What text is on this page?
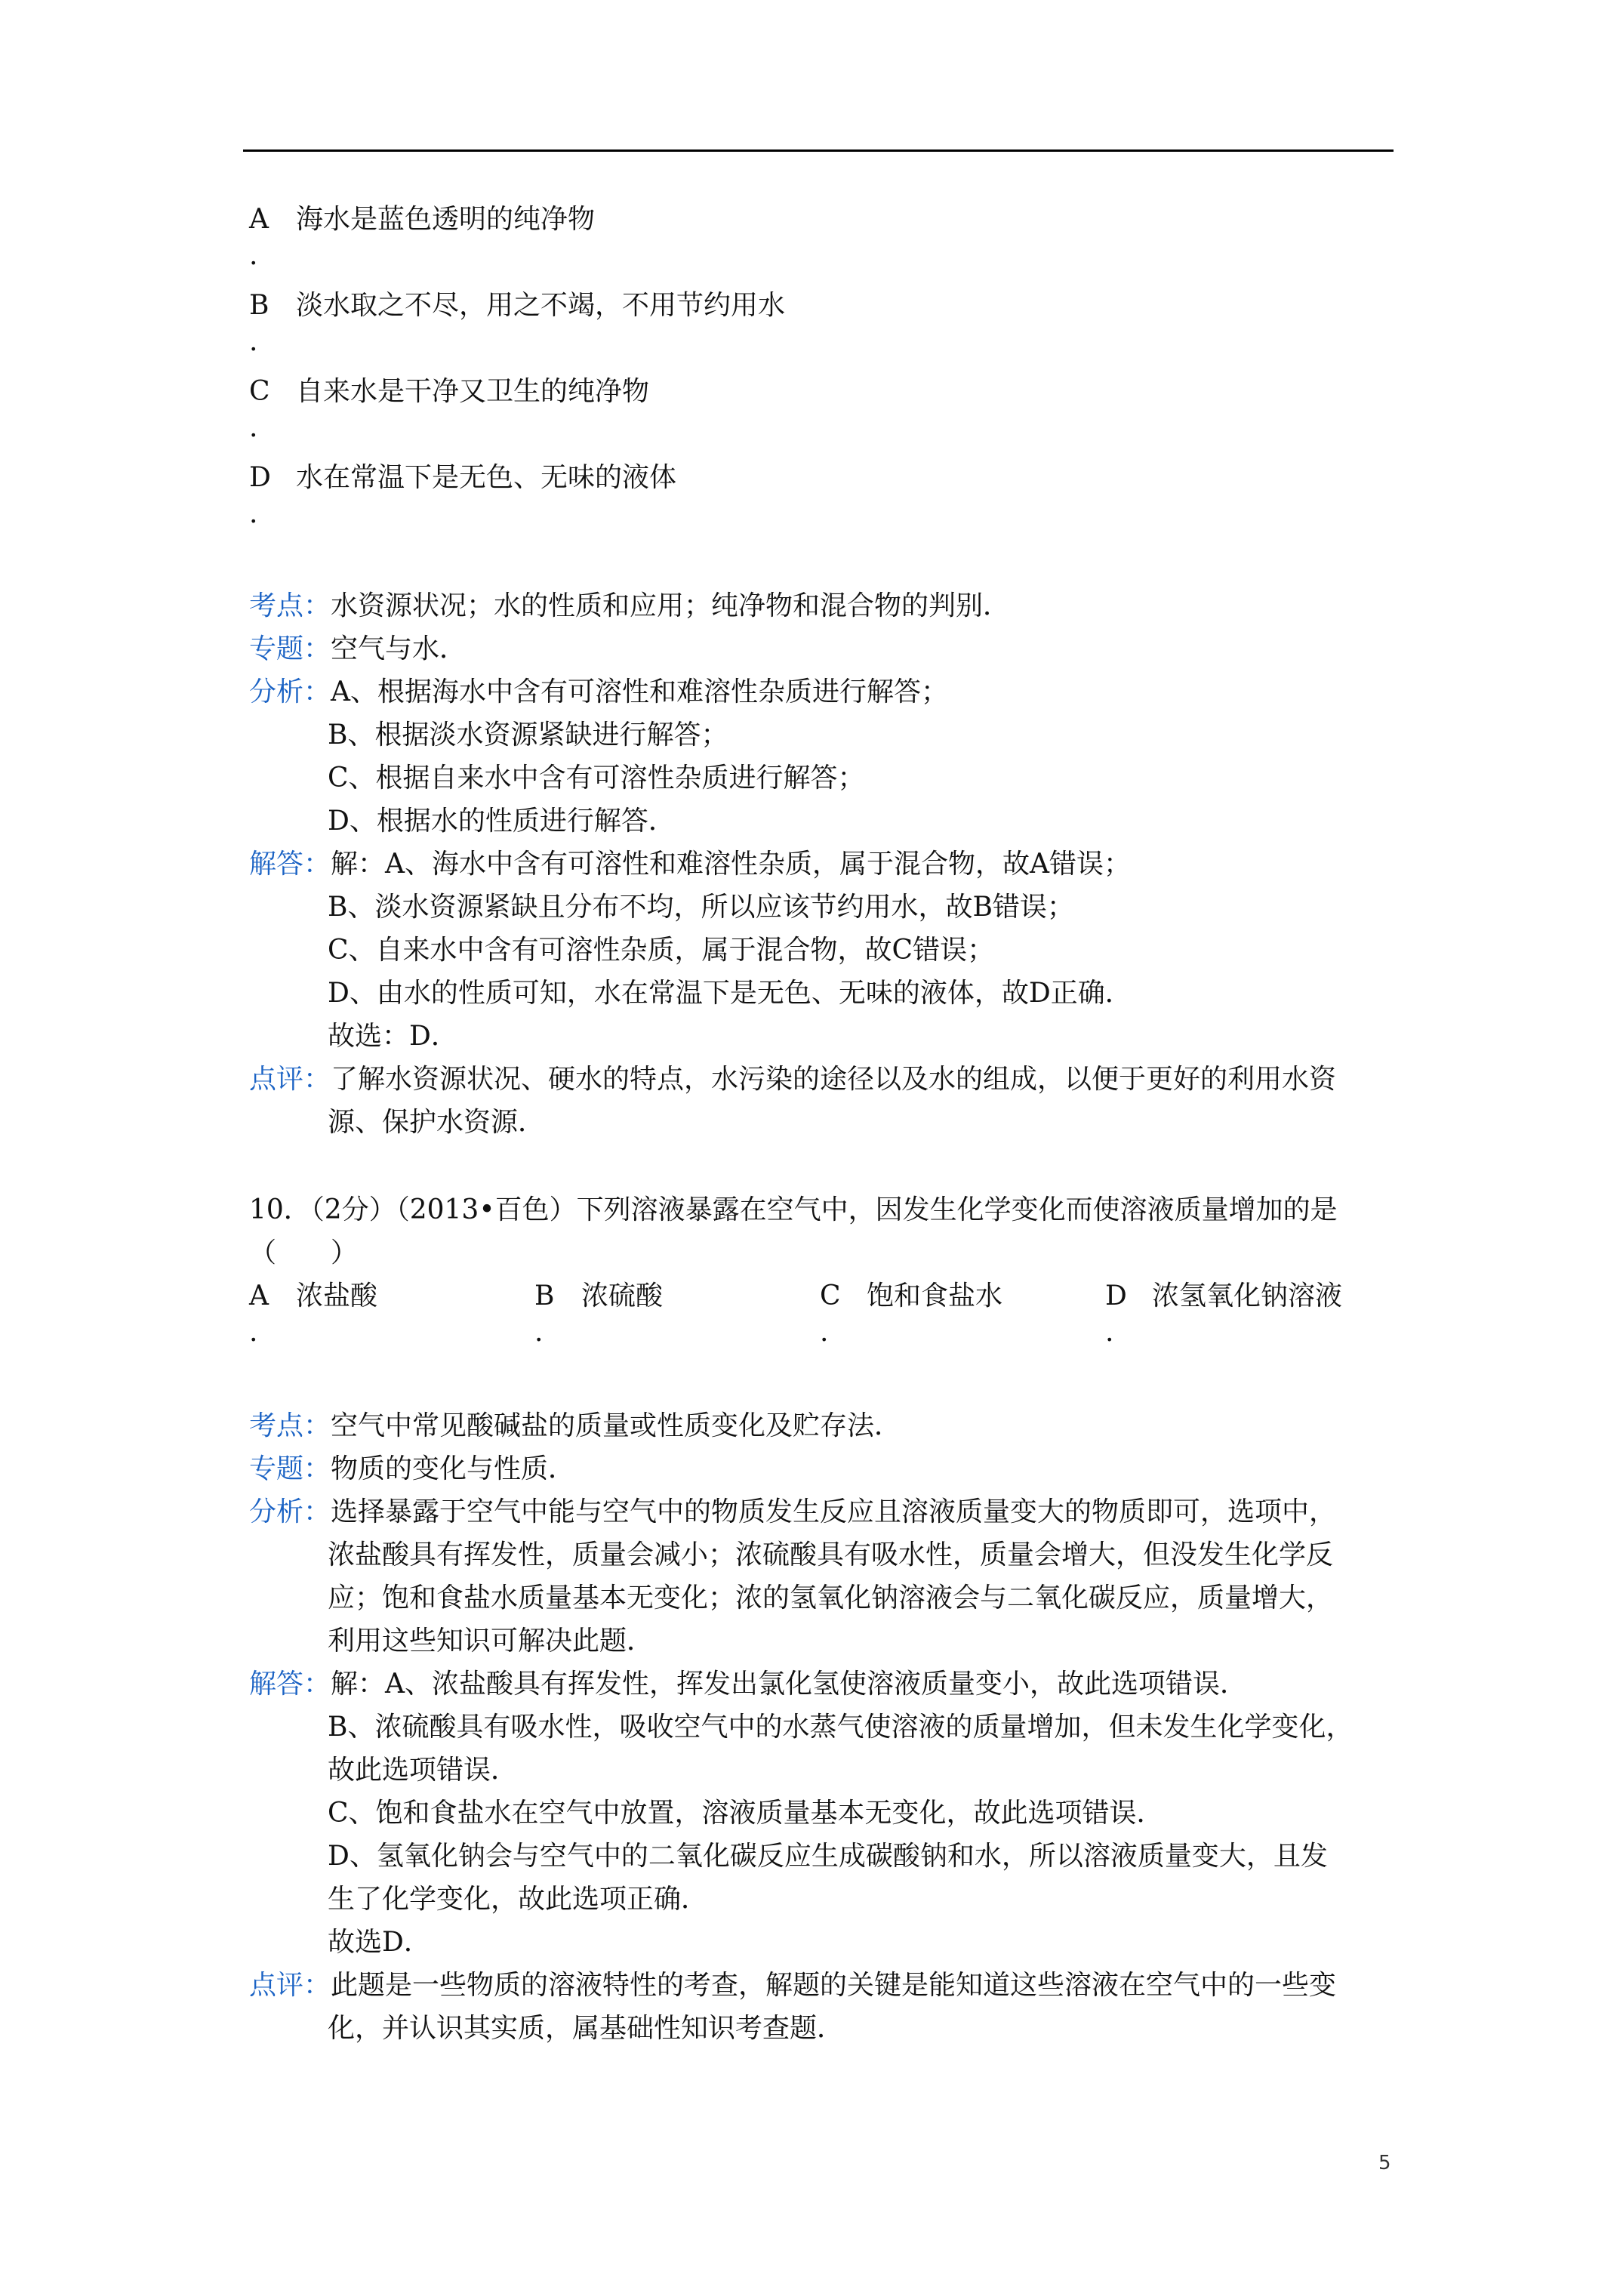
A 海水是蓝色透明的纯净物
.
B 淡水取之不尽，用之不竭，不用节约用水
.
C 自来水是干净又卫生的纯净物
.
D 水在常温下是无色、无味的液体
.
考点：水资源状况；水的性质和应用；纯净物和混合物的判别．
专题：空气与水．
分析：A、根据海水中含有可溶性和难溶性杂质进行解答；
B、根据淡水资源紧缺进行解答；
C、根据自来水中含有可溶性杂质进行解答；
D、根据水的性质进行解答．
解答：解：A、海水中含有可溶性和难溶性杂质，属于混合物，故A错误；
B、淡水资源紧缺且分布不均，所以应该节约用水，故B错误；
C、自来水中含有可溶性杂质，属于混合物，故C错误；
D、由水的性质可知，水在常温下是无色、无味的液体，故D正确．
故选：D．
点评：了解水资源状况、硬水的特点，水污染的途径以及水的组成，以便于更好的利用水资
源、保护水资源．
10．（2分）（2013•百色）下列溶液暴露在空气中，因发生化学变化而使溶液质量增加的是
（　　）
A 浓盐酸	B 浓硫酸	C 饱和食盐水	D 浓氢氧化钠溶液
.	.	.	.
考点：空气中常见酸碱盐的质量或性质变化及贮存法．
专题：物质的变化与性质．
分析：选择暴露于空气中能与空气中的物质发生反应且溶液质量变大的物质即可，选项中，
浓盐酸具有挥发性，质量会减小；浓硫酸具有吸水性，质量会增大，但没发生化学反
应；饱和食盐水质量基本无变化；浓的氢氧化钠溶液会与二氧化碳反应，质量增大，
利用这些知识可解决此题．
解答：解：A、浓盐酸具有挥发性，挥发出氯化氢使溶液质量变小，故此选项错误．
B、浓硫酸具有吸水性，吸收空气中的水蒸气使溶液的质量增加，但未发生化学变化，
故此选项错误．
C、饱和食盐水在空气中放置，溶液质量基本无变化，故此选项错误．
D、氢氧化钠会与空气中的二氧化碳反应生成碳酸钠和水，所以溶液质量变大，且发
生了化学变化，故此选项正确．
故选D．
点评：此题是一些物质的溶液特性的考查，解题的关键是能知道这些溶液在空气中的一些变
化，并认识其实质，属基础性知识考查题．
5
